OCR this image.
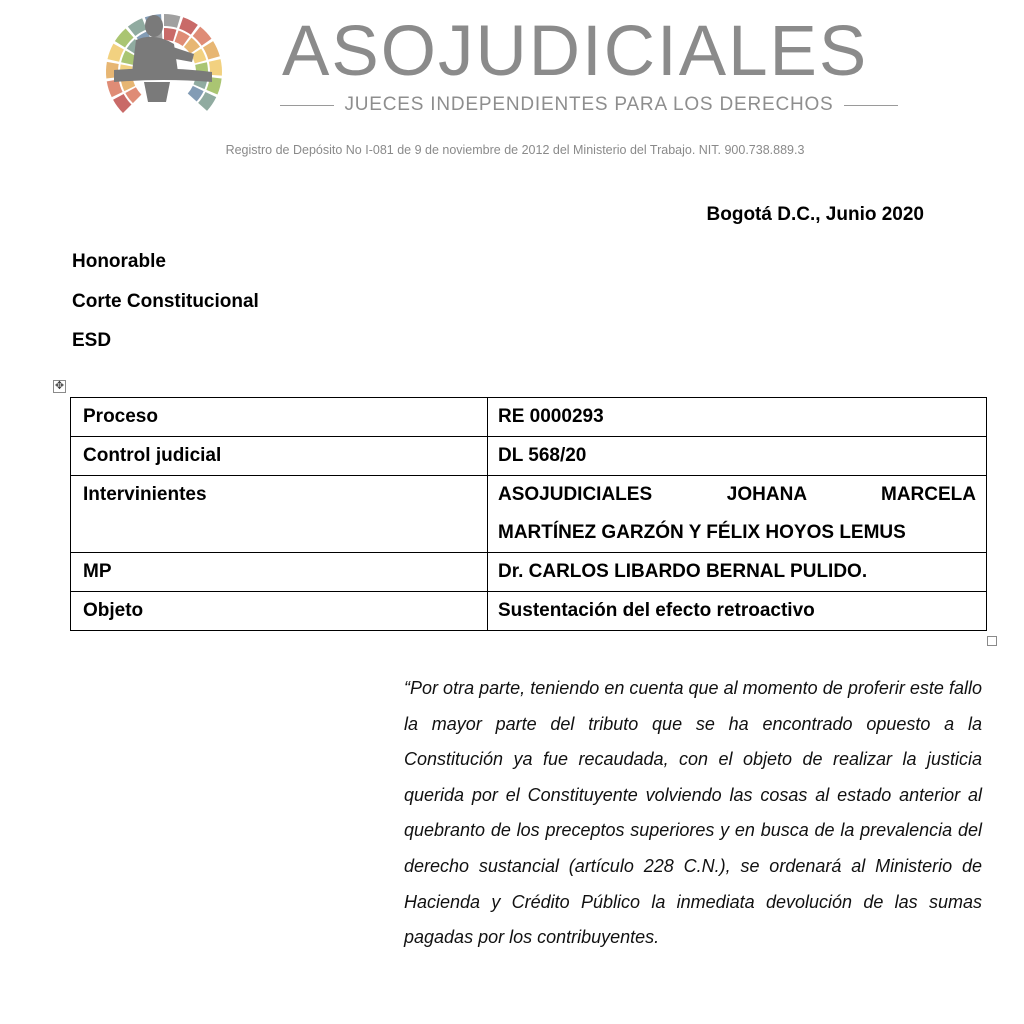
ASOJUDICIALES
JUECES INDEPENDIENTES PARA LOS DERECHOS
Registro de Depósito No I-081 de 9 de noviembre de 2012 del Ministerio del Trabajo. NIT. 900.738.889.3
Bogotá D.C., Junio 2020
Honorable
Corte Constitucional
ESD
✥
Proceso	RE 0000293
Control judicial	DL 568/20
Intervinientes	ASOJUDICIALES JOHANA MARCELA
MARTÍNEZ GARZÓN Y FÉLIX HOYOS LEMUS

MP	Dr. CARLOS LIBARDO BERNAL PULIDO.
Objeto	Sustentación del efecto retroactivo
“Por otra parte, teniendo en cuenta que al momento de proferir este fallo la mayor parte del tributo que se ha encontrado opuesto a la Constitución ya fue recaudada, con el objeto de realizar la justicia querida por el Constituyente volviendo las cosas al estado anterior al quebranto de los preceptos superiores y en busca de la prevalencia del derecho sustancial (artículo 228 C.N.), se ordenará al Ministerio de Hacienda y Crédito Público la inmediata devolución de las sumas pagadas por los contribuyentes.
